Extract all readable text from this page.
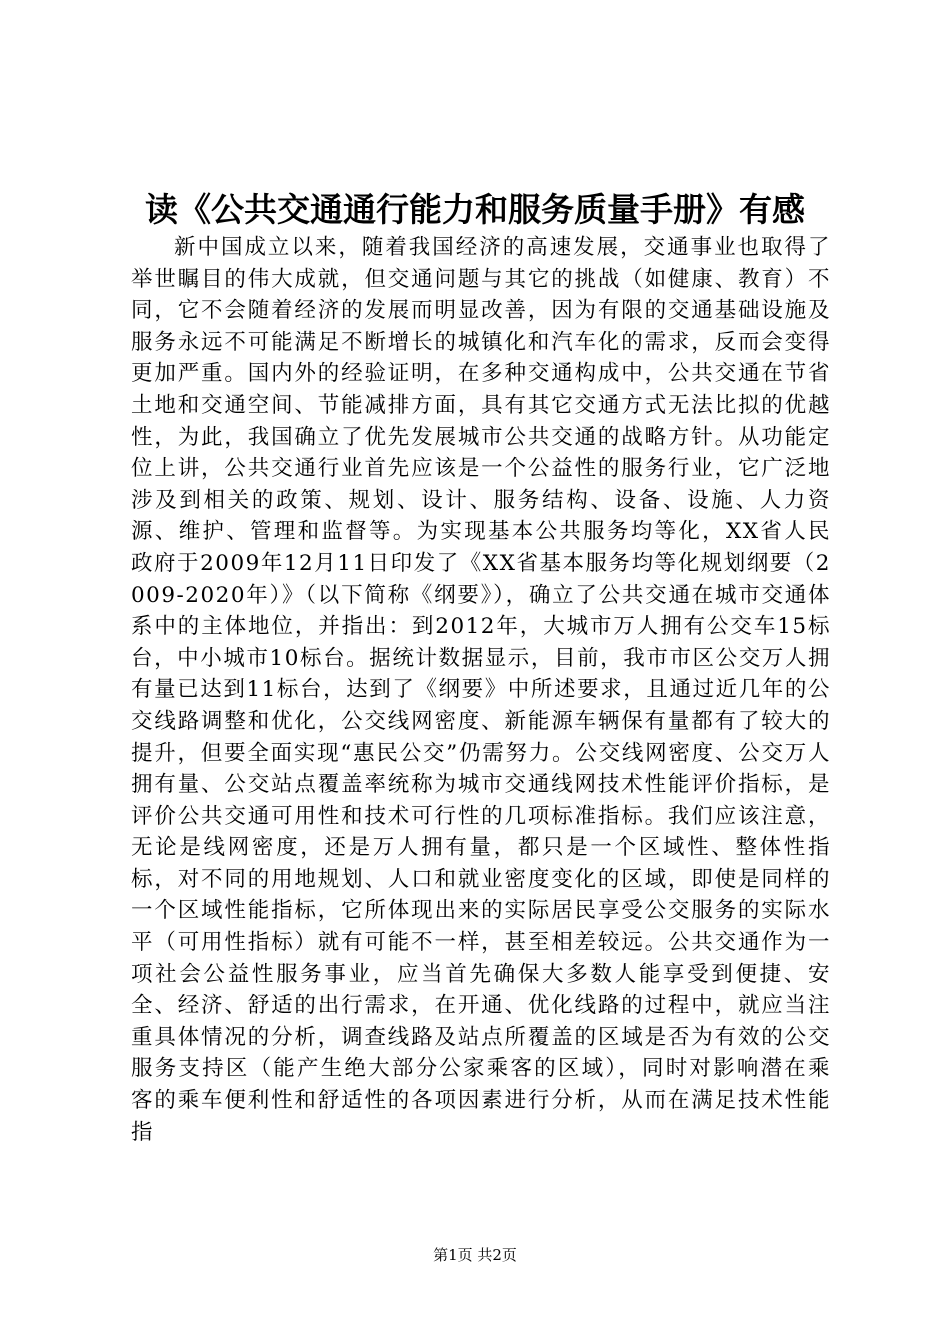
读《公共交通通行能力和服务质量手册》有感

新中国成立以来，随着我国经济的高速发展，交通事业也取得了举世瞩目的伟大成就，但交通问题与其它的挑战（如健康、教育）不同，它不会随着经济的发展而明显改善，因为有限的交通基础设施及服务永远不可能满足不断增长的城镇化和汽车化的需求，反而会变得更加严重。国内外的经验证明，在多种交通构成中，公共交通在节省土地和交通空间、节能减排方面，具有其它交通方式无法比拟的优越性，为此，我国确立了优先发展城市公共交通的战略方针。从功能定位上讲，公共交通行业首先应该是一个公益性的服务行业，它广泛地涉及到相关的政策、规划、设计、服务结构、设备、设施、人力资源、维护、管理和监督等。为实现基本公共服务均等化，XX省人民政府于2009年12月11日印发了《XX省基本服务均等化规划纲要（2009-2020年）》（以下简称《纲要》），确立了公共交通在城市交通体系中的主体地位，并指出：到2012年，大城市万人拥有公交车15标台，中小城市10标台。据统计数据显示，目前，我市市区公交万人拥有量已达到11标台，达到了《纲要》中所述要求，且通过近几年的公交线路调整和优化，公交线网密度、新能源车辆保有量都有了较大的提升，但要全面实现“惠民公交”仍需努力。公交线网密度、公交万人拥有量、公交站点覆盖率统称为城市交通线网技术性能评价指标，是评价公共交通可用性和技术可行性的几项标准指标。我们应该注意，无论是线网密度，还是万人拥有量，都只是一个区域性、整体性指标，对不同的用地规划、人口和就业密度变化的区域，即使是同样的一个区域性能指标，它所体现出来的实际居民享受公交服务的实际水平（可用性指标）就有可能不一样，甚至相差较远。公共交通作为一项社会公益性服务事业，应当首先确保大多数人能享受到便捷、安全、经济、舒适的出行需求，在开通、优化线路的过程中，就应当注重具体情况的分析，调查线路及站点所覆盖的区域是否为有效的公交服务支持区（能产生绝大部分公家乘客的区域），同时对影响潜在乘客的乘车便利性和舒适性的各项因素进行分析，从而在满足技术性能指

第1页 共2页
